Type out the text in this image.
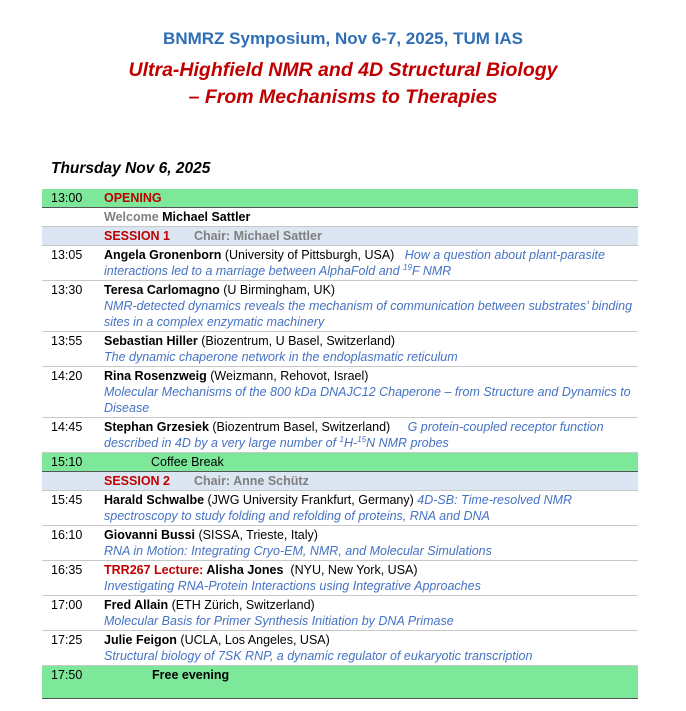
BNMRZ Symposium, Nov 6-7, 2025, TUM IAS
Ultra-Highfield NMR and 4D Structural Biology
– From Mechanisms to Therapies
Thursday Nov 6, 2025
13:00	OPENING
	Welcome Michael Sattler
	SESSION 1 Chair: Michael Sattler
13:05	Angela Gronenborn (University of Pittsburgh, USA)   How a question about plant-parasite interactions led to a marriage between AlphaFold and $^{19}$F NMR
13:30	Teresa Carlomagno (U Birmingham, UK)
NMR-detected dynamics reveals the mechanism of communication between substrates’ binding sites in a complex enzymatic machinery
13:55	Sebastian Hiller (Biozentrum, U Basel, Switzerland)
The dynamic chaperone network in the endoplasmatic reticulum
14:20	Rina Rosenzweig (Weizmann, Rehovot, Israel)
Molecular Mechanisms of the 800 kDa DNAJC12 Chaperone – from Structure and Dynamics to Disease
14:45	Stephan Grzesiek (Biozentrum Basel, Switzerland)     G protein-coupled receptor function described in 4D by a very large number of $^1$H-$^{15}$N NMR probes
15:10	Coffee Break
	SESSION 2 Chair: Anne Schütz
15:45	Harald Schwalbe (JWG University Frankfurt, Germany) 4D-SB: Time-resolved NMR spectroscopy to study folding and refolding of proteins, RNA and DNA
16:10	Giovanni Bussi (SISSA, Trieste, Italy)
RNA in Motion: Integrating Cryo-EM, NMR, and Molecular Simulations
16:35	TRR267 Lecture: Alisha Jones  (NYU, New York, USA)
Investigating RNA-Protein Interactions using Integrative Approaches
17:00	Fred Allain (ETH Zürich, Switzerland)
Molecular Basis for Primer Synthesis Initiation by DNA Primase
17:25	Julie Feigon (UCLA, Los Angeles, USA)
Structural biology of 7SK RNP, a dynamic regulator of eukaryotic transcription
17:50	Free evening
